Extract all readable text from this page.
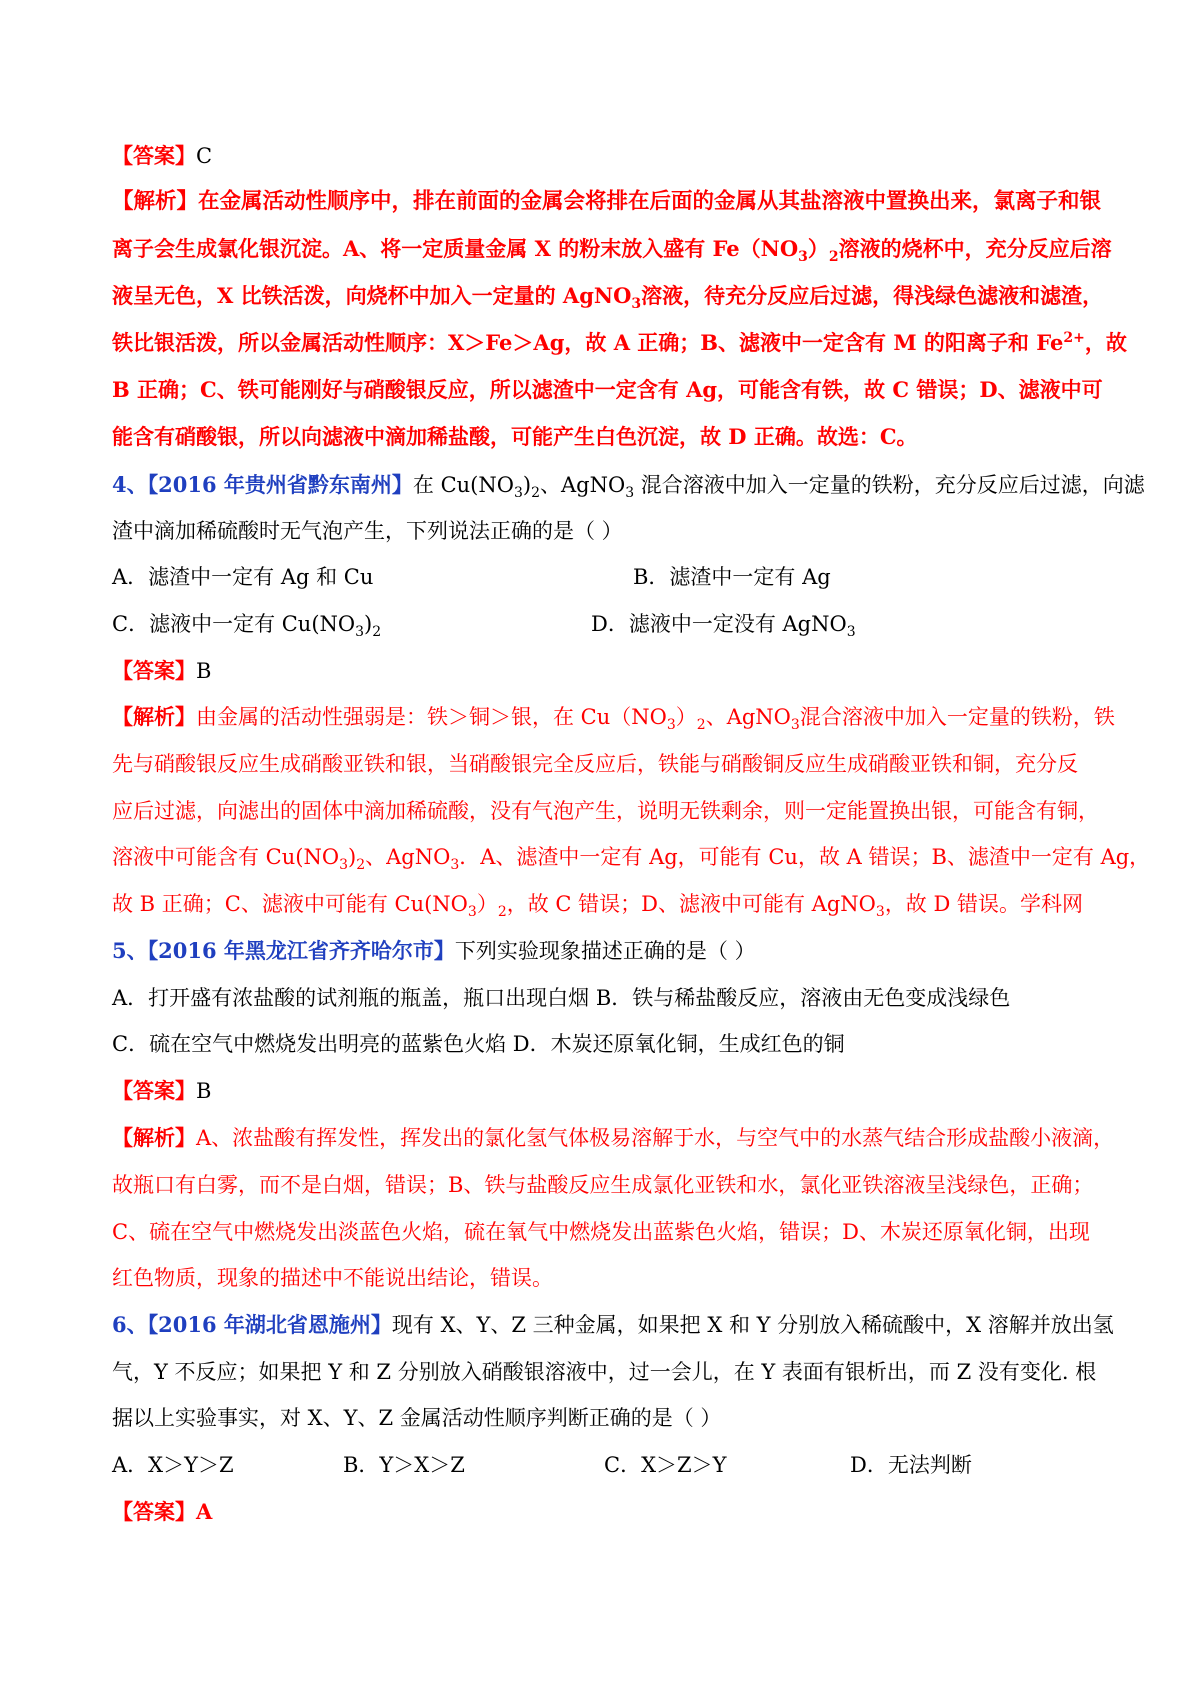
【答案】C
【解析】在金属活动性顺序中，排在前面的金属会将排在后面的金属从其盐溶液中置换出来，氯离子和银
离子会生成氯化银沉淀。A、将一定质量金属 X 的粉末放入盛有 $Fe(NO_3)_2$溶液的烧杯中，充分反应后溶
液呈无色，X 比铁活泼，向烧杯中加入一定量的 AgNO$_3$溶液，待充分反应后过滤，得浅绿色滤液和滤渣，
铁比银活泼，所以金属活动性顺序：X＞Fe＞Ag，故 A 正确；B、滤液中一定含有 M 的阳离子和 $Fe^{2+}$，故
B 正确；C、铁可能刚好与硝酸银反应，所以滤渣中一定含有 Ag，可能含有铁，故 C 错误；D、滤液中可
能含有硝酸银，所以向滤液中滴加稀盐酸，可能产生白色沉淀，故 D 正确。故选：C。
4、【2016 年贵州省黔东南州】在 $Cu(NO_3)_2$、AgNO$_3$ 混合溶液中加入一定量的铁粉，充分反应后过滤，向滤
渣中滴加稀硫酸时无气泡产生，下列说法正确的是（ ）
A．滤渣中一定有 Ag 和 Cu	B．滤渣中一定有 Ag
C．滤液中一定有 $Cu(NO_3)_2$	D．滤液中一定没有 AgNO$_3$
【答案】B
【解析】由金属的活动性强弱是：铁＞铜＞银，在 $Cu(NO_3)_2$、AgNO$_3$混合溶液中加入一定量的铁粉，铁
先与硝酸银反应生成硝酸亚铁和银，当硝酸银完全反应后，铁能与硝酸铜反应生成硝酸亚铁和铜，充分反
应后过滤，向滤出的固体中滴加稀硫酸，没有气泡产生，说明无铁剩余，则一定能置换出银，可能含有铜，
溶液中可能含有 $Cu(NO_3)_2$、AgNO$_3$．A、滤渣中一定有 Ag，可能有 Cu，故 A 错误；B、滤渣中一定有 Ag，
故 B 正确；C、滤液中可能有 $Cu(NO_3)_2$，故 C 错误；D、滤液中可能有 AgNO$_3$，故 D 错误。学科网
5、【2016 年黑龙江省齐齐哈尔市】下列实验现象描述正确的是（ ）
A．打开盛有浓盐酸的试剂瓶的瓶盖，瓶口出现白烟 B．铁与稀盐酸反应，溶液由无色变成浅绿色
C．硫在空气中燃烧发出明亮的蓝紫色火焰 D．木炭还原氧化铜，生成红色的铜
【答案】B
【解析】A、浓盐酸有挥发性，挥发出的氯化氢气体极易溶解于水，与空气中的水蒸气结合形成盐酸小液滴，
故瓶口有白雾，而不是白烟，错误；B、铁与盐酸反应生成氯化亚铁和水，氯化亚铁溶液呈浅绿色，正确；
C、硫在空气中燃烧发出淡蓝色火焰，硫在氧气中燃烧发出蓝紫色火焰，错误；D、木炭还原氧化铜，出现
红色物质，现象的描述中不能说出结论，错误。
6、【2016 年湖北省恩施州】现有 X、Y、Z 三种金属，如果把 X 和 Y 分别放入稀硫酸中，X 溶解并放出氢
气，Y 不反应；如果把 Y 和 Z 分别放入硝酸银溶液中，过一会儿，在 Y 表面有银析出，而 Z 没有变化. 根
据以上实验事实，对 X、Y、Z 金属活动性顺序判断正确的是（ ）
A．X＞Y＞Z	B．Y＞X＞Z	C．X＞Z＞Y	D．无法判断
【答案】A
